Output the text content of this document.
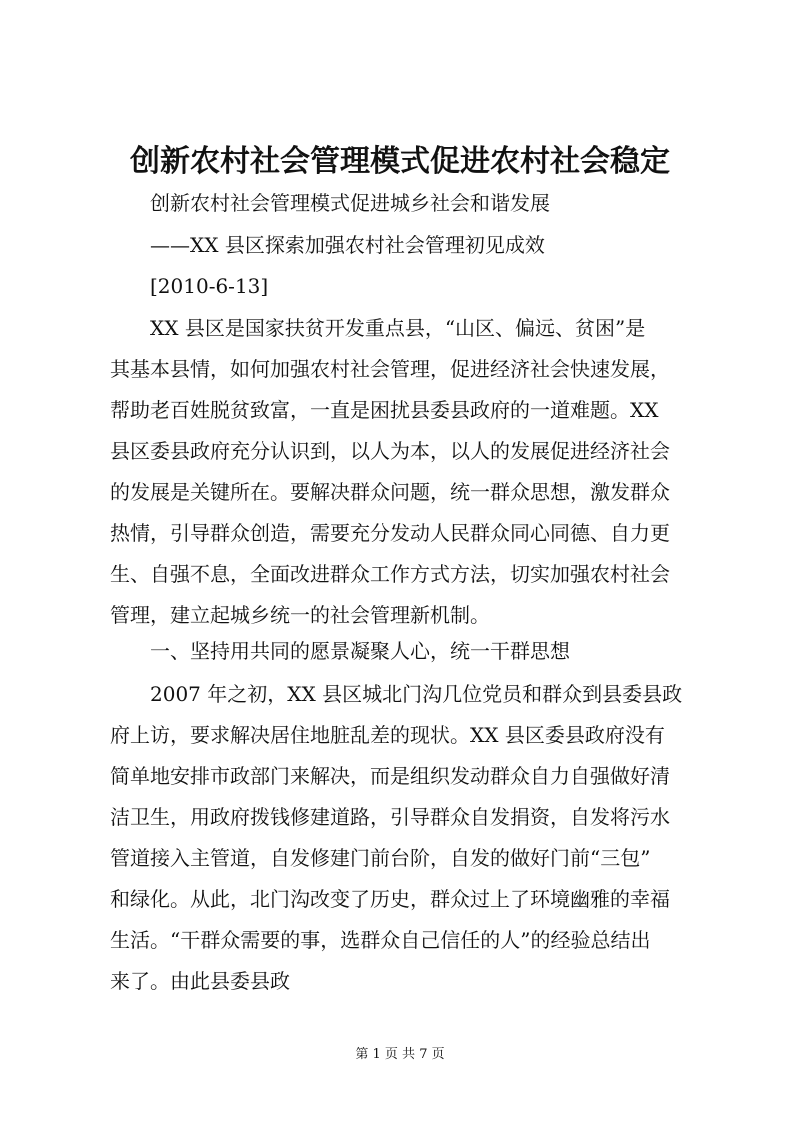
创新农村社会管理模式促进农村社会稳定
创新农村社会管理模式促进城乡社会和谐发展
——XX 县区探索加强农村社会管理初见成效
[2010-6-13]
XX 县区是国家扶贫开发重点县，“山区、偏远、贫困”是
其基本县情，如何加强农村社会管理，促进经济社会快速发展，
帮助老百姓脱贫致富，一直是困扰县委县政府的一道难题。XX
县区委县政府充分认识到，以人为本，以人的发展促进经济社会
的发展是关键所在。要解决群众问题，统一群众思想，激发群众
热情，引导群众创造，需要充分发动人民群众同心同德、自力更
生、自强不息，全面改进群众工作方式方法，切实加强农村社会
管理，建立起城乡统一的社会管理新机制。
一、坚持用共同的愿景凝聚人心，统一干群思想
2007 年之初，XX 县区城北门沟几位党员和群众到县委县政
府上访，要求解决居住地脏乱差的现状。XX 县区委县政府没有
简单地安排市政部门来解决，而是组织发动群众自力自强做好清
洁卫生，用政府拨钱修建道路，引导群众自发捐资，自发将污水
管道接入主管道，自发修建门前台阶，自发的做好门前“三包”
和绿化。从此，北门沟改变了历史，群众过上了环境幽雅的幸福
生活。“干群众需要的事，选群众自己信任的人”的经验总结出
来了。由此县委县政
第 1 页 共 7 页
